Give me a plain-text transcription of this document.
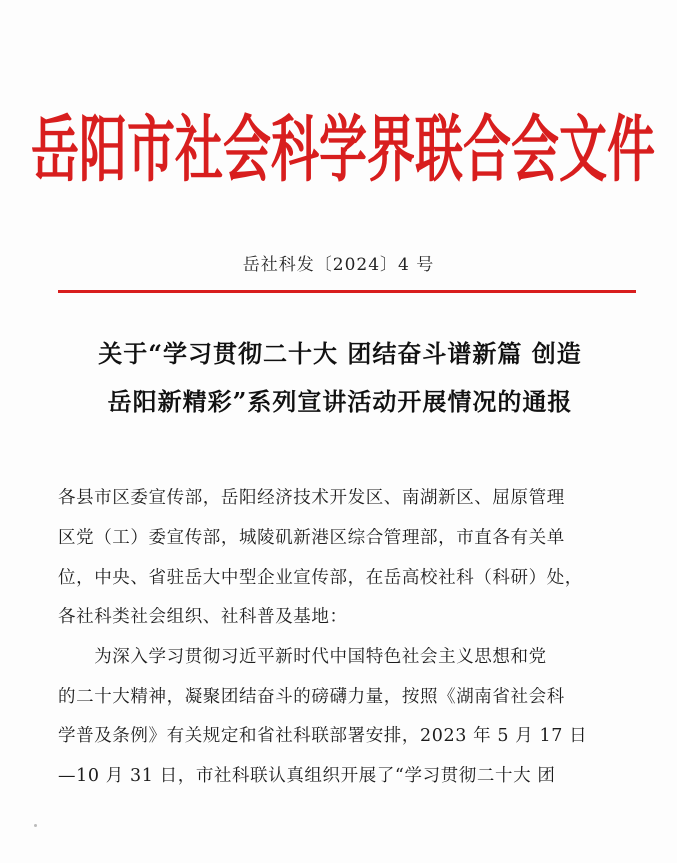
岳阳市社会科学界联合会文件
岳社科发〔2024〕4 号
关于“学习贯彻二十大 团结奋斗谱新篇 创造
岳阳新精彩”系列宣讲活动开展情况的通报
各县市区委宣传部，岳阳经济技术开发区、南湖新区、屈原管理
区党（工）委宣传部，城陵矶新港区综合管理部，市直各有关单
位，中央、省驻岳大中型企业宣传部，在岳高校社科（科研）处，
各社科类社会组织、社科普及基地：
　　为深入学习贯彻习近平新时代中国特色社会主义思想和党
的二十大精神，凝聚团结奋斗的磅礴力量，按照《湖南省社会科
学普及条例》有关规定和省社科联部署安排，2023 年 5 月 17 日
—10 月 31 日，市社科联认真组织开展了“学习贯彻二十大 团
